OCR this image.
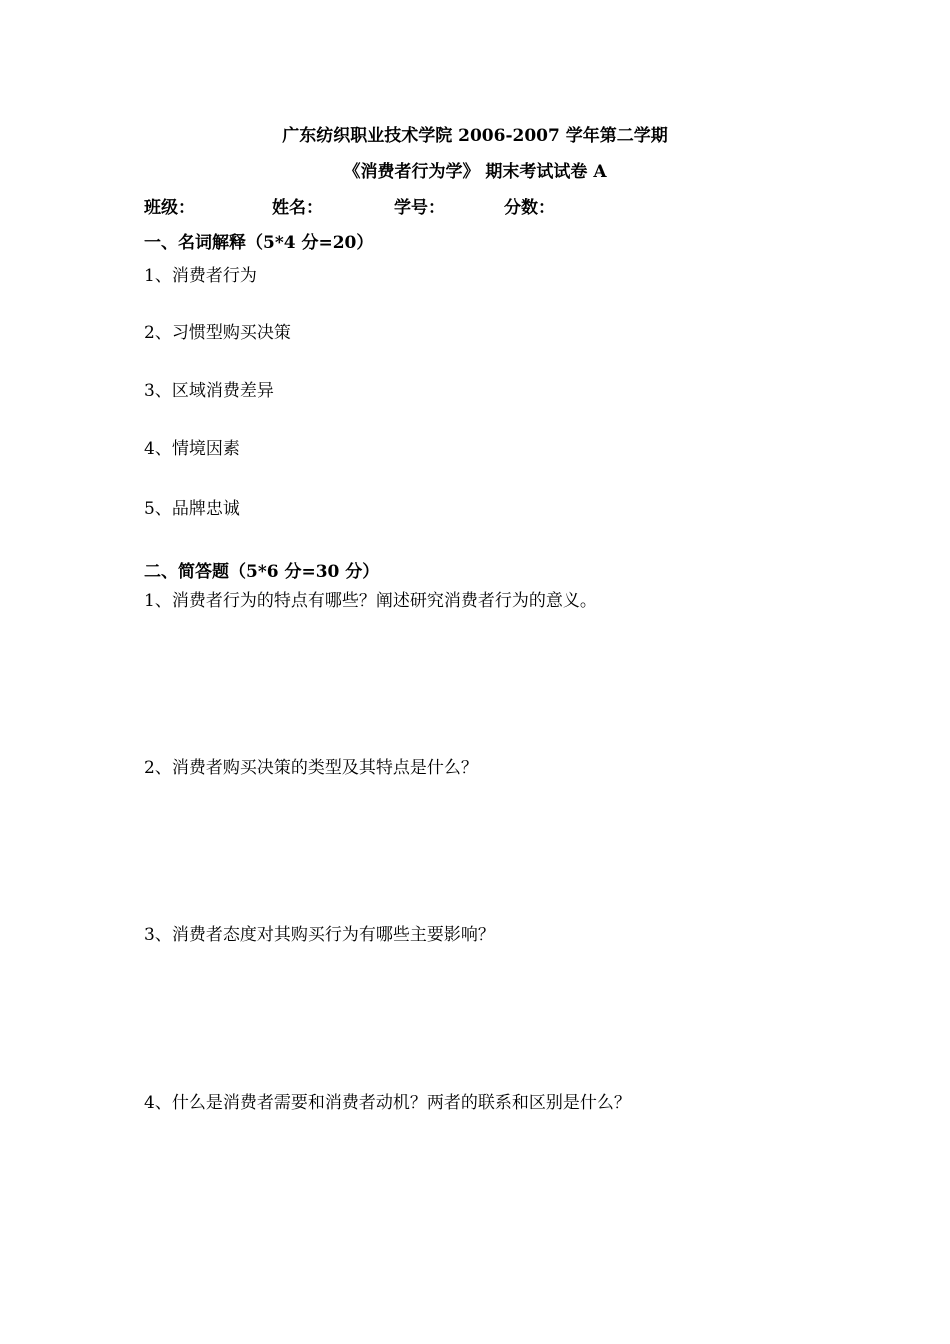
广东纺织职业技术学院 2006-2007 学年第二学期
《消费者行为学》 期末考试试卷 A
班级：	姓名：	学号：	分数：
一、名词解释（5*4 分=20）
1、消费者行为
2、习惯型购买决策
3、区域消费差异
4、情境因素
5、品牌忠诚
二、简答题（5*6 分=30 分）
1、消费者行为的特点有哪些？阐述研究消费者行为的意义。
2、消费者购买决策的类型及其特点是什么？
3、消费者态度对其购买行为有哪些主要影响？
4、什么是消费者需要和消费者动机？两者的联系和区别是什么？
